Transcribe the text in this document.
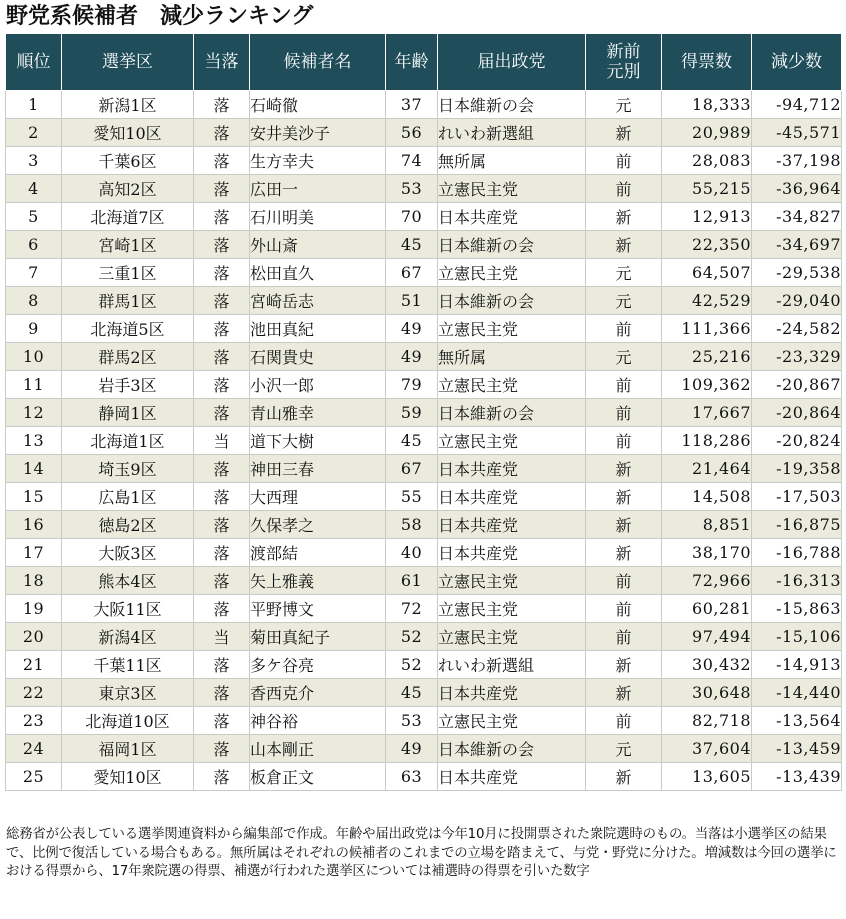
野党系候補者　減少ランキング
順位	選挙区	当落	候補者名	年齢	届出政党	新前元別	得票数	減少数
1	新潟1区	落	石崎徹	37	日本維新の会	元	18,333	-94,712
2	愛知10区	落	安井美沙子	56	れいわ新選組	新	20,989	-45,571
3	千葉6区	落	生方幸夫	74	無所属	前	28,083	-37,198
4	高知2区	落	広田一	53	立憲民主党	前	55,215	-36,964
5	北海道7区	落	石川明美	70	日本共産党	新	12,913	-34,827
6	宮崎1区	落	外山斎	45	日本維新の会	新	22,350	-34,697
7	三重1区	落	松田直久	67	立憲民主党	元	64,507	-29,538
8	群馬1区	落	宮崎岳志	51	日本維新の会	元	42,529	-29,040
9	北海道5区	落	池田真紀	49	立憲民主党	前	111,366	-24,582
10	群馬2区	落	石関貴史	49	無所属	元	25,216	-23,329
11	岩手3区	落	小沢一郎	79	立憲民主党	前	109,362	-20,867
12	静岡1区	落	青山雅幸	59	日本維新の会	前	17,667	-20,864
13	北海道1区	当	道下大樹	45	立憲民主党	前	118,286	-20,824
14	埼玉9区	落	神田三春	67	日本共産党	新	21,464	-19,358
15	広島1区	落	大西理	55	日本共産党	新	14,508	-17,503
16	徳島2区	落	久保孝之	58	日本共産党	新	8,851	-16,875
17	大阪3区	落	渡部結	40	日本共産党	新	38,170	-16,788
18	熊本4区	落	矢上雅義	61	立憲民主党	前	72,966	-16,313
19	大阪11区	落	平野博文	72	立憲民主党	前	60,281	-15,863
20	新潟4区	当	菊田真紀子	52	立憲民主党	前	97,494	-15,106
21	千葉11区	落	多ケ谷亮	52	れいわ新選組	新	30,432	-14,913
22	東京3区	落	香西克介	45	日本共産党	新	30,648	-14,440
23	北海道10区	落	神谷裕	53	立憲民主党	前	82,718	-13,564
24	福岡1区	落	山本剛正	49	日本維新の会	元	37,604	-13,459
25	愛知10区	落	板倉正文	63	日本共産党	新	13,605	-13,439
総務省が公表している選挙関連資料から編集部で作成。年齢や届出政党は今年10月に投開票された衆院選時のもの。当落は小選挙区の結果で、比例で復活している場合もある。無所属はそれぞれの候補者のこれまでの立場を踏まえて、与党・野党に分けた。増減数は今回の選挙における得票から、17年衆院選の得票、補選が行われた選挙区については補選時の得票を引いた数字
